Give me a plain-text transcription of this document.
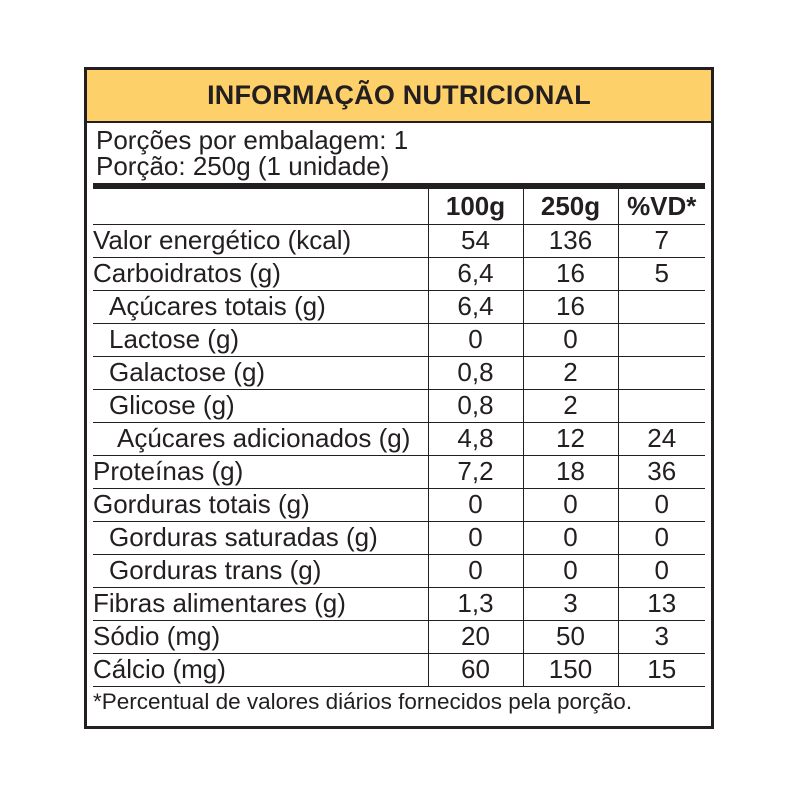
INFORMAÇÃO NUTRICIONAL
Porções por embalagem: 1
Porção: 250g (1 unidade)
	100g	250g	%VD*
Valor energético (kcal)	54	136	7
Carboidratos (g)	6,4	16	5
Açúcares totais (g)	6,4	16	
Lactose (g)	0	0	
Galactose (g)	0,8	2	
Glicose (g)	0,8	2	
Açúcares adicionados (g)	4,8	12	24
Proteínas (g)	7,2	18	36
Gorduras totais (g)	0	0	0
Gorduras saturadas (g)	0	0	0
Gorduras trans (g)	0	0	0
Fibras alimentares (g)	1,3	3	13
Sódio (mg)	20	50	3
Cálcio (mg)	60	150	15
*Percentual de valores diários fornecidos pela porção.
